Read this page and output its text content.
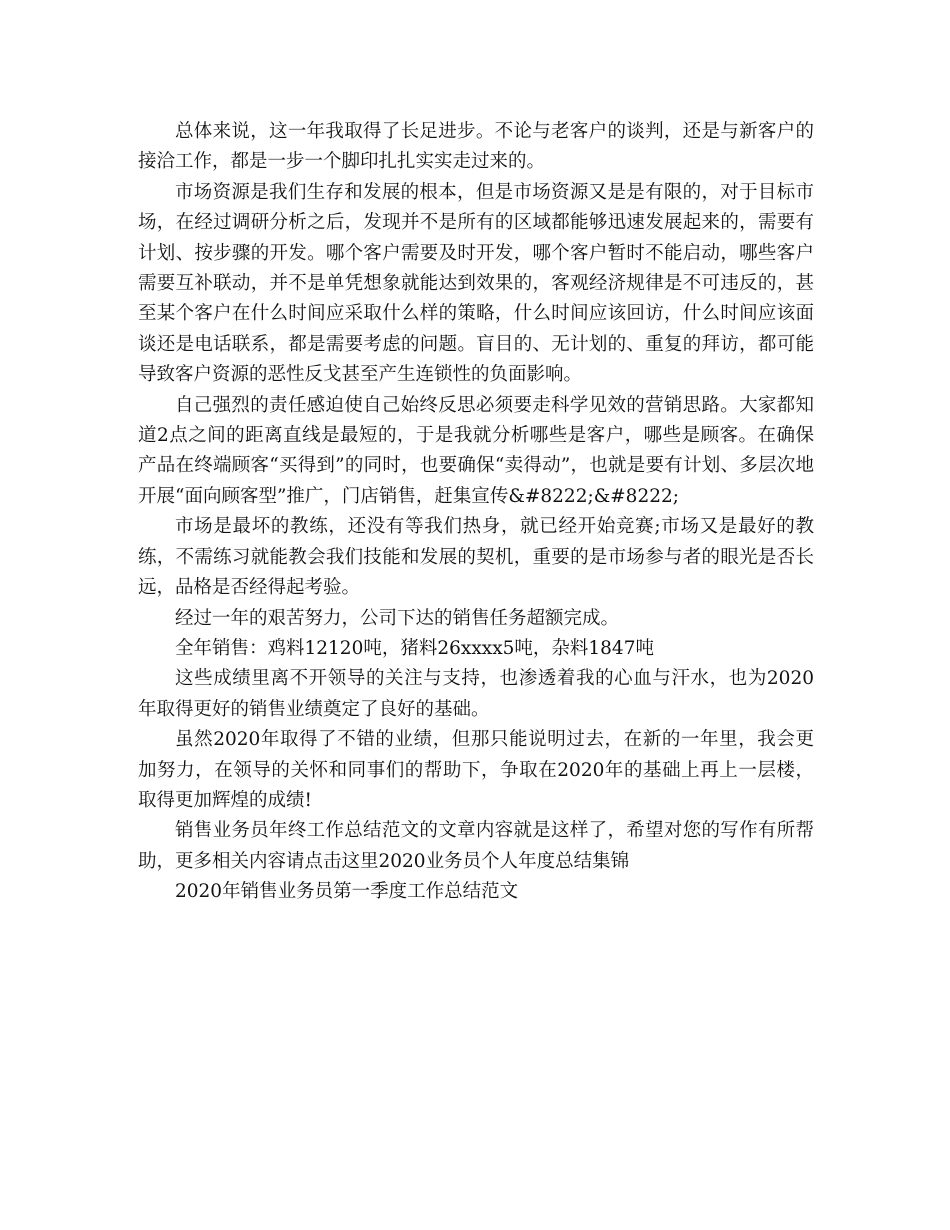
总体来说，这一年我取得了长足进步。不论与老客户的谈判，还是与新客户的接洽工作，都是一步一个脚印扎扎实实走过来的。

市场资源是我们生存和发展的根本，但是市场资源又是是有限的，对于目标市场，在经过调研分析之后，发现并不是所有的区域都能够迅速发展起来的，需要有计划、按步骤的开发。哪个客户需要及时开发，哪个客户暂时不能启动，哪些客户需要互补联动，并不是单凭想象就能达到效果的，客观经济规律是不可违反的，甚至某个客户在什么时间应采取什么样的策略，什么时间应该回访，什么时间应该面谈还是电话联系，都是需要考虑的问题。盲目的、无计划的、重复的拜访，都可能导致客户资源的恶性反戈甚至产生连锁性的负面影响。

自己强烈的责任感迫使自己始终反思必须要走科学见效的营销思路。大家都知道2点之间的距离直线是最短的，于是我就分析哪些是客户，哪些是顾客。在确保产品在终端顾客“买得到”的同时，也要确保“卖得动”，也就是要有计划、多层次地开展“面向顾客型”推广，门店销售，赶集宣传&#8222;&#8222;

市场是最坏的教练，还没有等我们热身，就已经开始竞赛;市场又是最好的教练，不需练习就能教会我们技能和发展的契机，重要的是市场参与者的眼光是否长远，品格是否经得起考验。

经过一年的艰苦努力，公司下达的销售任务超额完成。

全年销售：鸡料12120吨，猪料26xxxx5吨，杂料1847吨

这些成绩里离不开领导的关注与支持，也渗透着我的心血与汗水，也为2020年取得更好的销售业绩奠定了良好的基础。

虽然2020年取得了不错的业绩，但那只能说明过去，在新的一年里，我会更加努力，在领导的关怀和同事们的帮助下，争取在2020年的基础上再上一层楼，取得更加辉煌的成绩!

销售业务员年终工作总结范文的文章内容就是这样了，希望对您的写作有所帮助，更多相关内容请点击这里2020业务员个人年度总结集锦

2020年销售业务员第一季度工作总结范文
